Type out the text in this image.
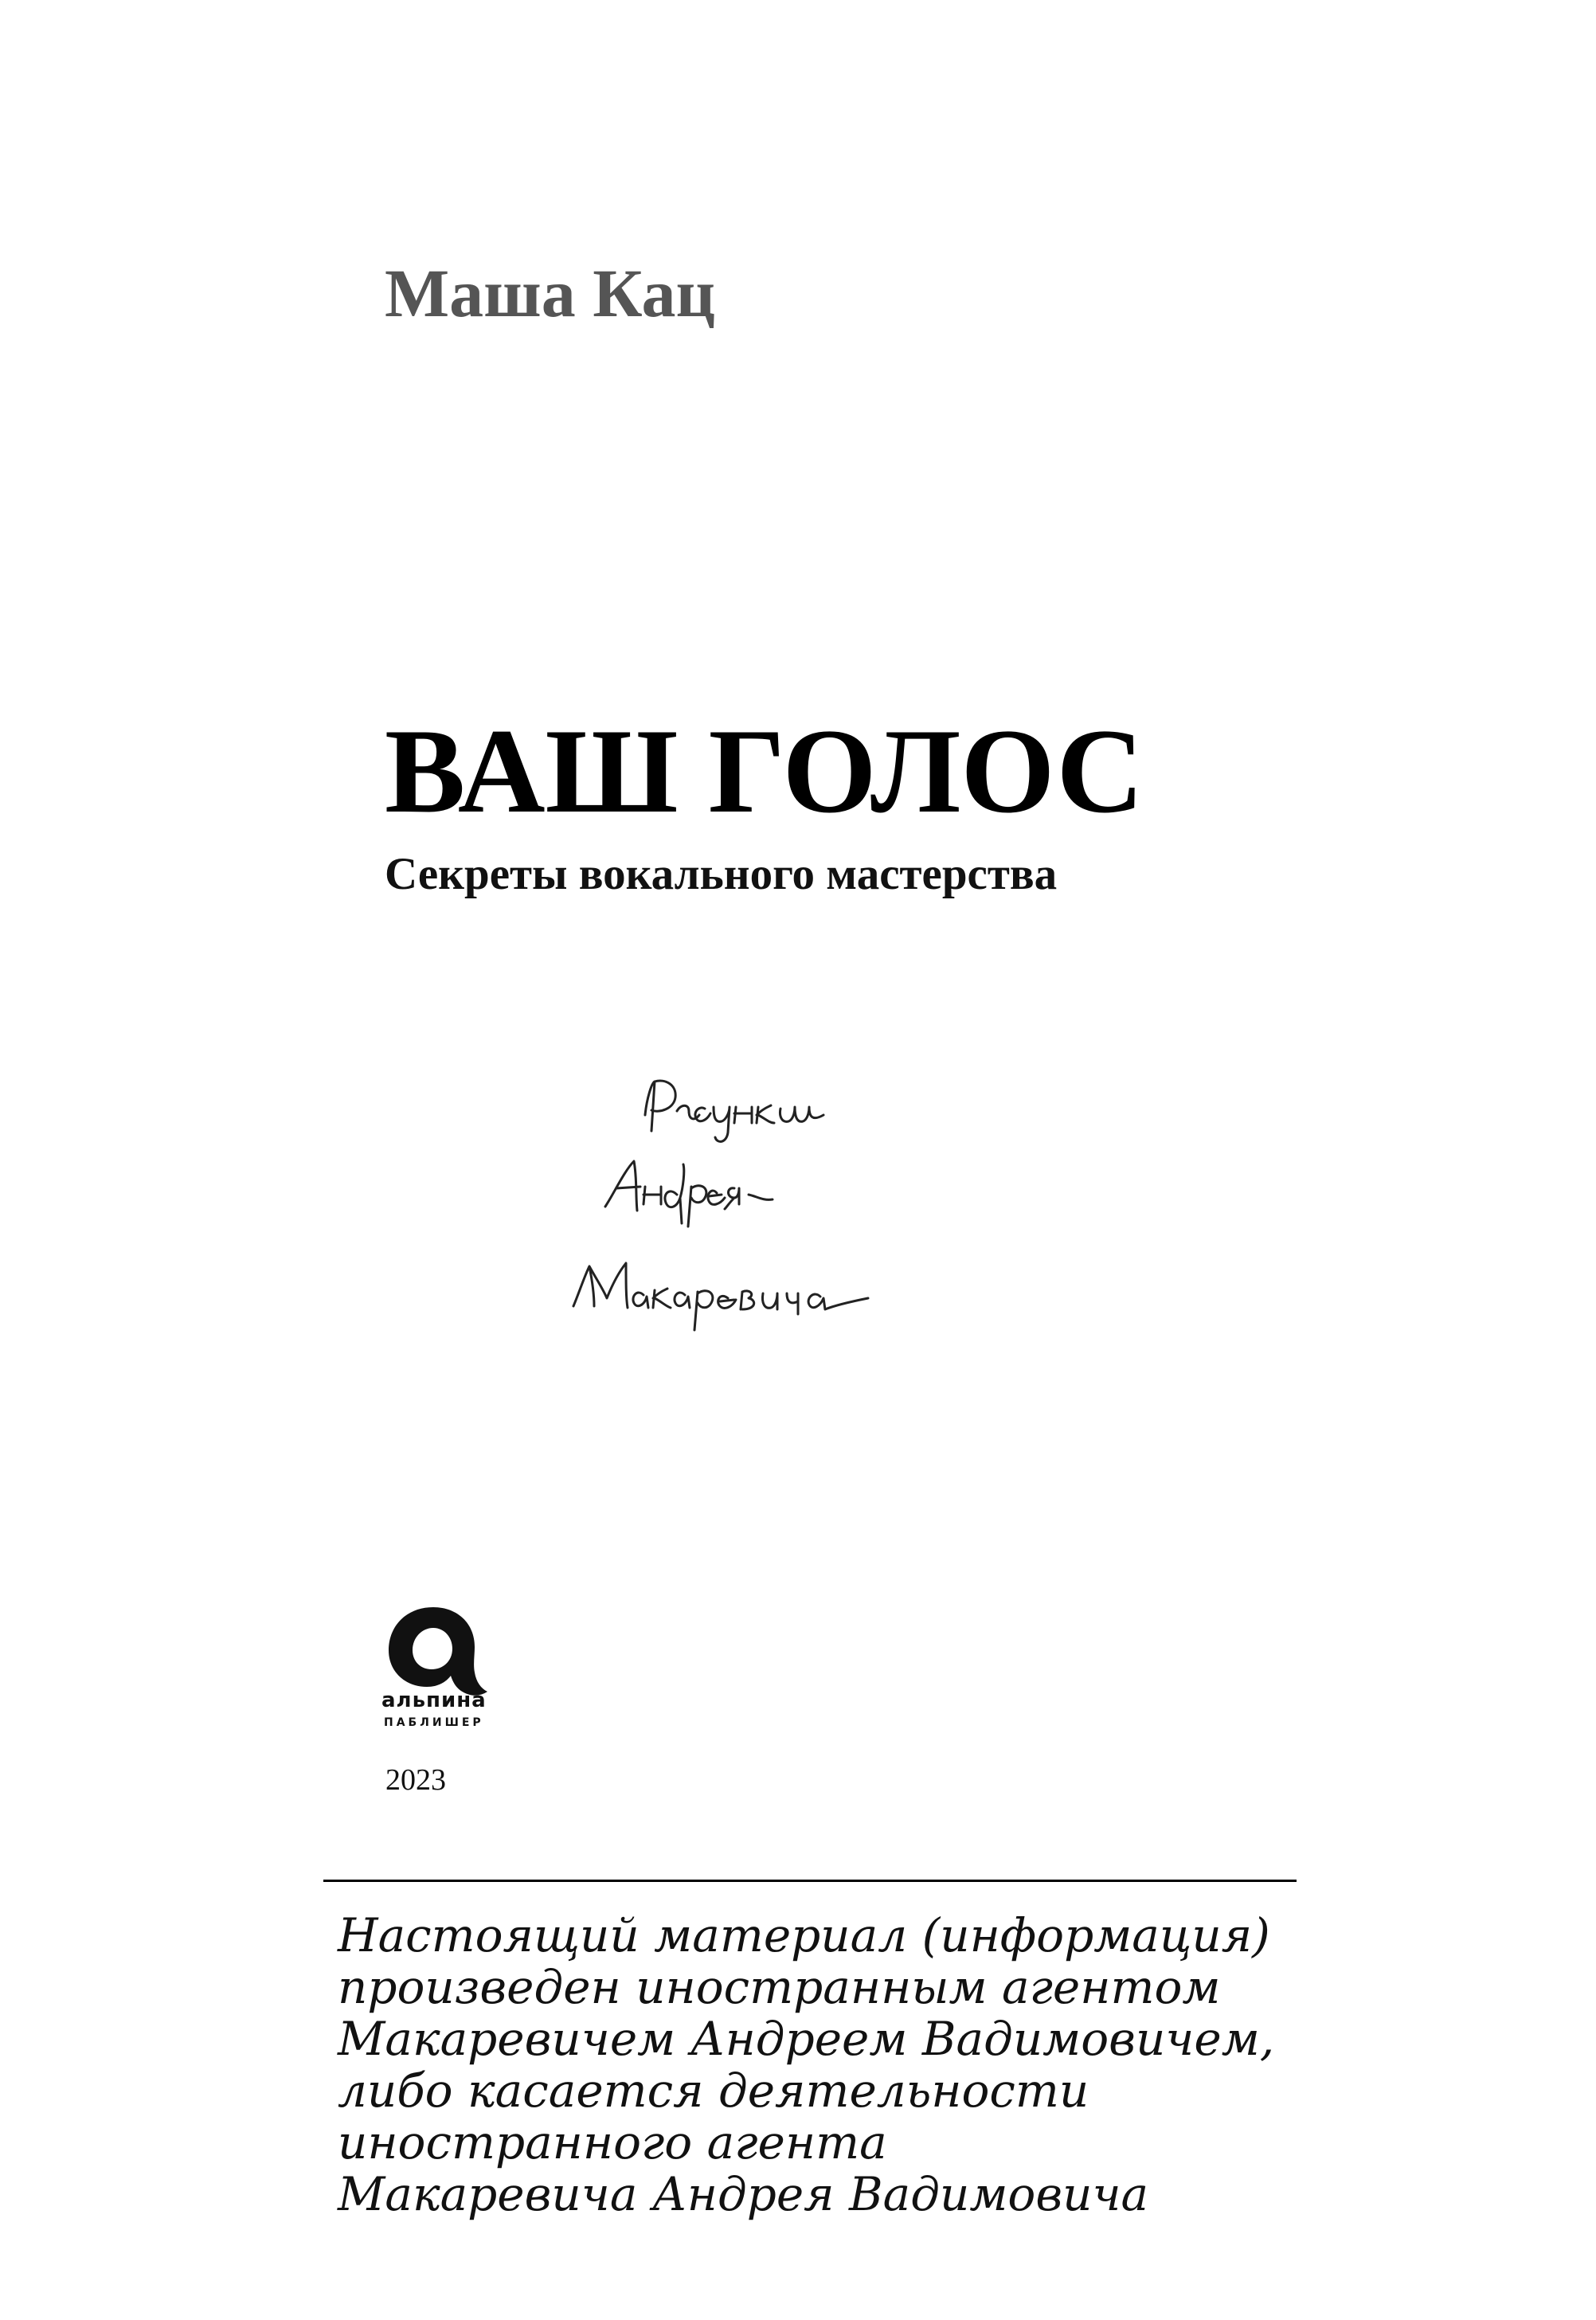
Маша Кац
ВАШ ГОЛОС
Секреты вокального мастерства
альпина
ПАБЛИШЕР
2023
Настоящий материал (информация)
произведен иностранным агентом
Макаревичем Андреем Вадимовичем,
либо касается деятельности
иностранного агента
Макаревича Андрея Вадимовича
